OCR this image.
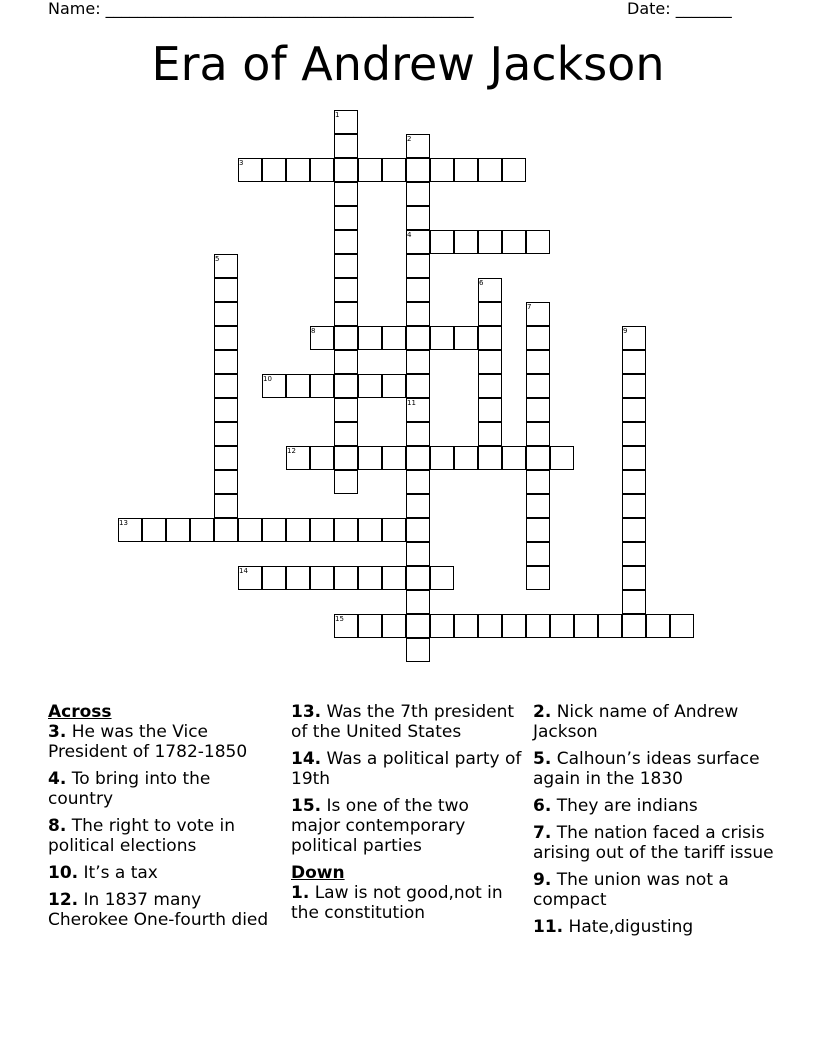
Name: ______________________________________________	Date: _______
Era of Andrew Jackson
1
2
4
3
5
6
7
8	9
10
11
12
13
14
15
Across
3. He was the Vice President of 1782-1850
4. To bring into the country
8. The right to vote in political elections
10. It’s a tax
12. In 1837 many Cherokee One-fourth died
13. Was the 7th president of the United States
14. Was a political party of 19th
15. Is one of the two major contemporary political parties
Down
1. Law is not good,not in the constitution
2. Nick name of Andrew Jackson
5. Calhoun’s ideas surface again in the 1830
6. They are indians
7. The nation faced a crisis arising out of the tariff issue
9. The union was not a compact
11. Hate,digusting
